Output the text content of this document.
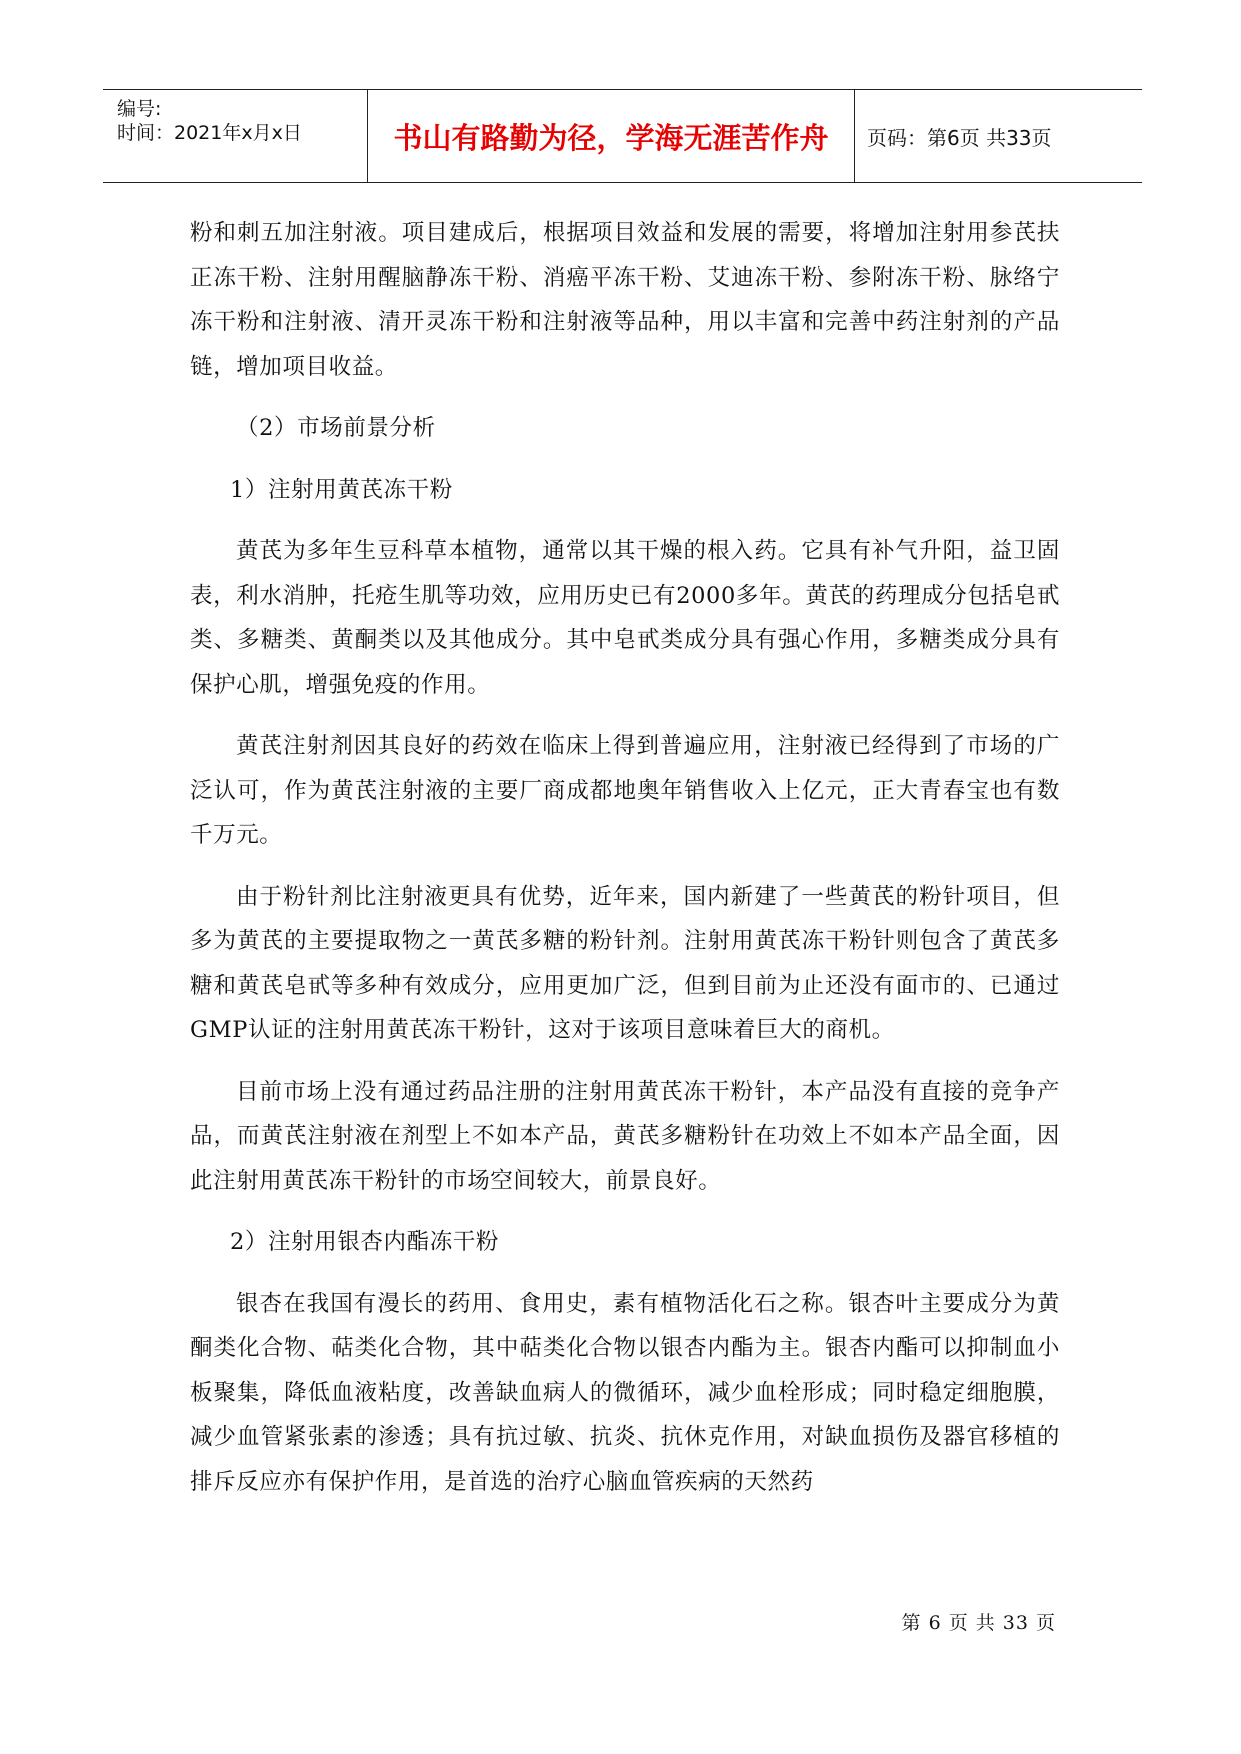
编号:
时间：2021年x月x日	书山有路勤为径，学海无涯苦作舟 页码：第6页 共33页

粉和刺五加注射液。项目建成后，根据项目效益和发展的需要，将增加注射用参芪扶正冻干粉、注射用醒脑静冻干粉、消癌平冻干粉、艾迪冻干粉、参附冻干粉、脉络宁冻干粉和注射液、清开灵冻干粉和注射液等品种，用以丰富和完善中药注射剂的产品链，增加项目收益。

（2）市场前景分析
1）注射用黄芪冻干粉

黄芪为多年生豆科草本植物，通常以其干燥的根入药。它具有补气升阳，益卫固表，利水消肿，托疮生肌等功效，应用历史已有2000多年。黄芪的药理成分包括皂甙类、多糖类、黄酮类以及其他成分。其中皂甙类成分具有强心作用，多糖类成分具有保护心肌，增强免疫的作用。

黄芪注射剂因其良好的药效在临床上得到普遍应用，注射液已经得到了市场的广泛认可，作为黄芪注射液的主要厂商成都地奥年销售收入上亿元，正大青春宝也有数千万元。

由于粉针剂比注射液更具有优势，近年来，国内新建了一些黄芪的粉针项目，但多为黄芪的主要提取物之一黄芪多糖的粉针剂。注射用黄芪冻干粉针则包含了黄芪多糖和黄芪皂甙等多种有效成分，应用更加广泛，但到目前为止还没有面市的、已通过GMP认证的注射用黄芪冻干粉针，这对于该项目意味着巨大的商机。

目前市场上没有通过药品注册的注射用黄芪冻干粉针，本产品没有直接的竞争产品，而黄芪注射液在剂型上不如本产品，黄芪多糖粉针在功效上不如本产品全面，因此注射用黄芪冻干粉针的市场空间较大，前景良好。

2）注射用银杏内酯冻干粉

银杏在我国有漫长的药用、食用史，素有植物活化石之称。银杏叶主要成分为黄酮类化合物、萜类化合物，其中萜类化合物以银杏内酯为主。银杏内酯可以抑制血小板聚集，降低血液粘度，改善缺血病人的微循环，减少血栓形成；同时稳定细胞膜，减少血管紧张素的渗透；具有抗过敏、抗炎、抗休克作用，对缺血损伤及器官移植的排斥反应亦有保护作用，是首选的治疗心脑血管疾病的天然药

第 6 页 共 33 页
